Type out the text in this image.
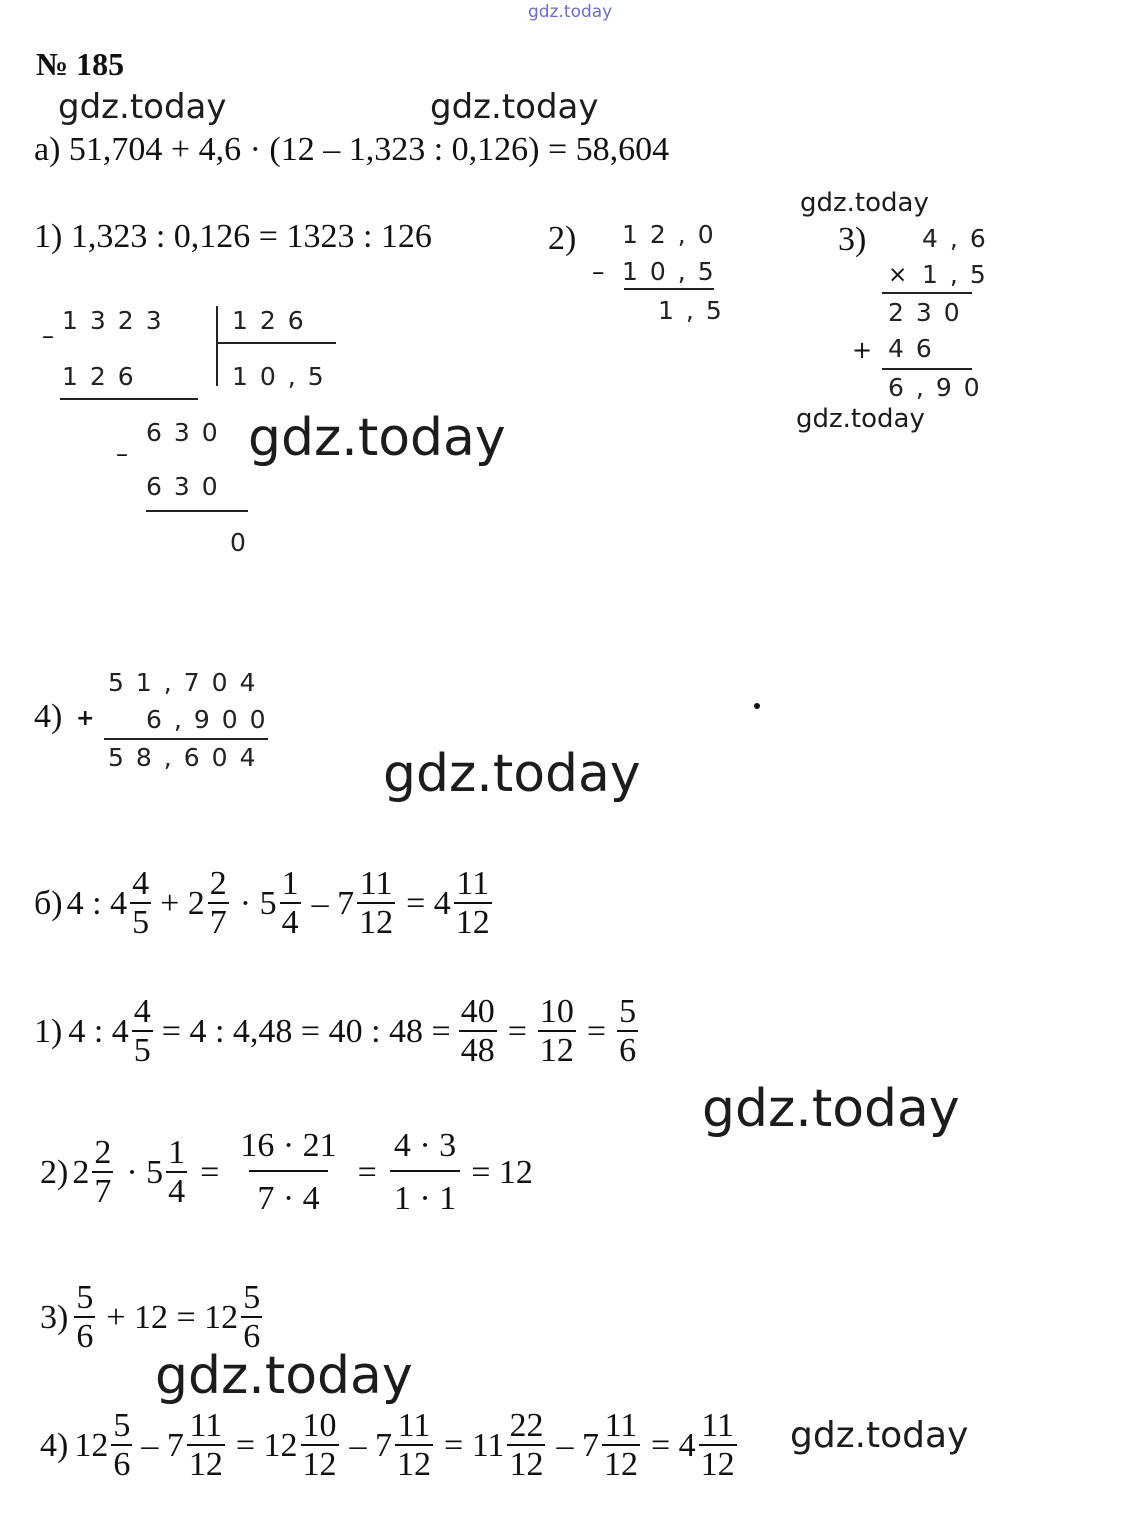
gdz.today
№ 185
gdz.today	gdz.today
gdz.today
gdz.today	gdz.today
gdz.today
gdz.today
gdz.today
gdz.today
а) 51,704 + 4,6 · (12 – 1,323 : 0,126) = 58,604
1) 1,323 : 0,126 = 1323 : 126
–
1323 126
126	10,5
–
630
630
0
2) 12,0
– 10,5
1,5
3) 4,6
× 1,5
230
+ 46
6,90
4) +
51,704
6,900
58,604
б) 4 : $4 \frac{4}{5} + 2 \frac{2}{7} \cdot 5 \frac{1}{4} - 7 \frac{11}{12} = 4 \frac{11}{12}$
1) 4 : $4 \frac{4}{5} = 4$ : 4,48 = 40 : $48 = \frac{40}{48} = \frac{10}{12} = \frac{5}{6}$
2) $2 \frac{2}{7} \cdot 5 \frac{1}{4} = \frac{16 \cdot 21}{7 \cdot 4} = \frac{4 \cdot 3}{1 \cdot 1} = 12$
$3) \frac{5}{6} + 12 = 12 \frac{5}{6}$
4) $12 \frac{5}{6} - 7 \frac{11}{12} = 12 \frac{10}{12} - 7 \frac{11}{12} = 11 \frac{22}{12} - 7 \frac{11}{12} = 4 \frac{11}{12}$
